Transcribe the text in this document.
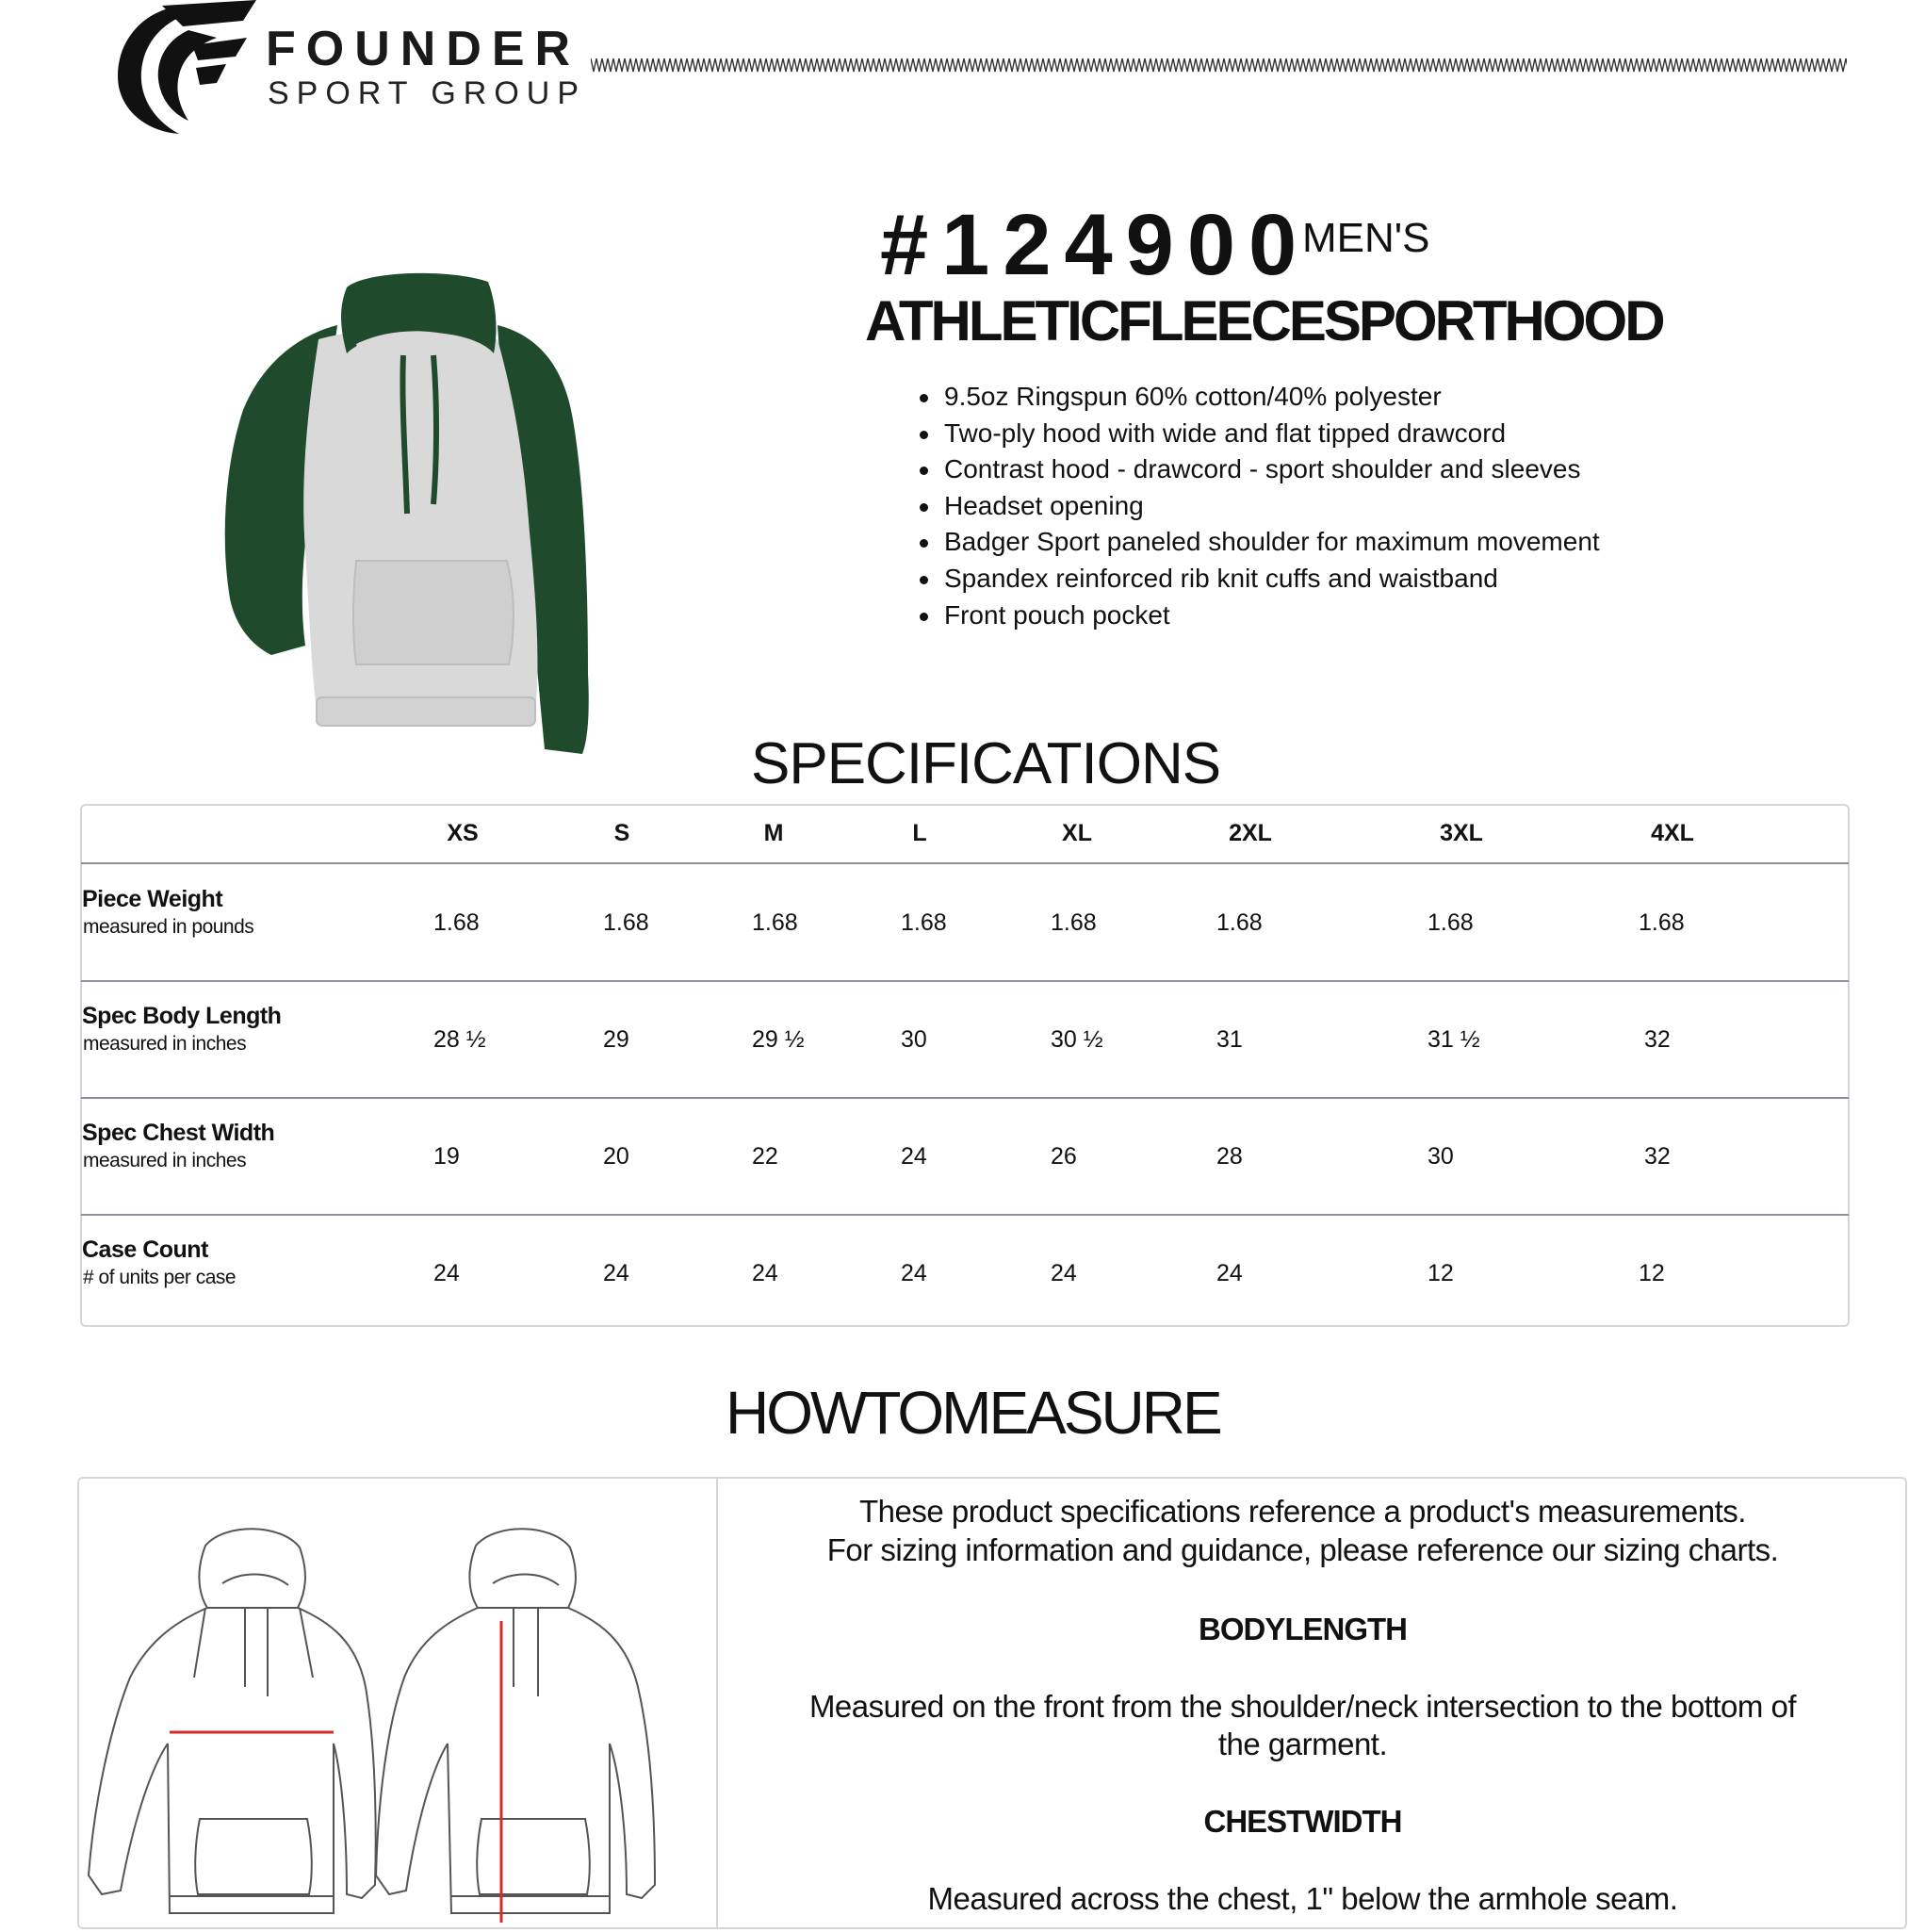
FOUNDER
SPORT GROUP
#124900
MEN'S
ATHLETICFLEECESPORTHOOD
9.5oz Ringspun 60% cotton/40% polyester
Two-ply hood with wide and flat tipped drawcord
Contrast hood - drawcord - sport shoulder and sleeves
Headset opening
Badger Sport paneled shoulder for maximum movement
Spandex reinforced rib knit cuffs and waistband
Front pouch pocket
SPECIFICATIONS
XS	S	M	L	XL	2XL	3XL	4XL
Piece Weight
measured in pounds	1.68	1.68	1.68	1.68	1.68	1.68	1.68	1.68
Spec Body Length
measured in inches	28 ½	29	29 ½	30	30 ½	31	31 ½	32
Spec Chest Width
measured in inches	19	20	22	24	26	28	30	32
Case Count
# of units per case	24	24	24	24	24	24	12	12
HOWTOMEASURE
These product specifications reference a product's measurements.
For sizing information and guidance, please reference our sizing charts.
BODYLENGTH
Measured on the front from the shoulder/neck intersection to the bottom of
the garment.
CHESTWIDTH
Measured across the chest, 1" below the armhole seam.
